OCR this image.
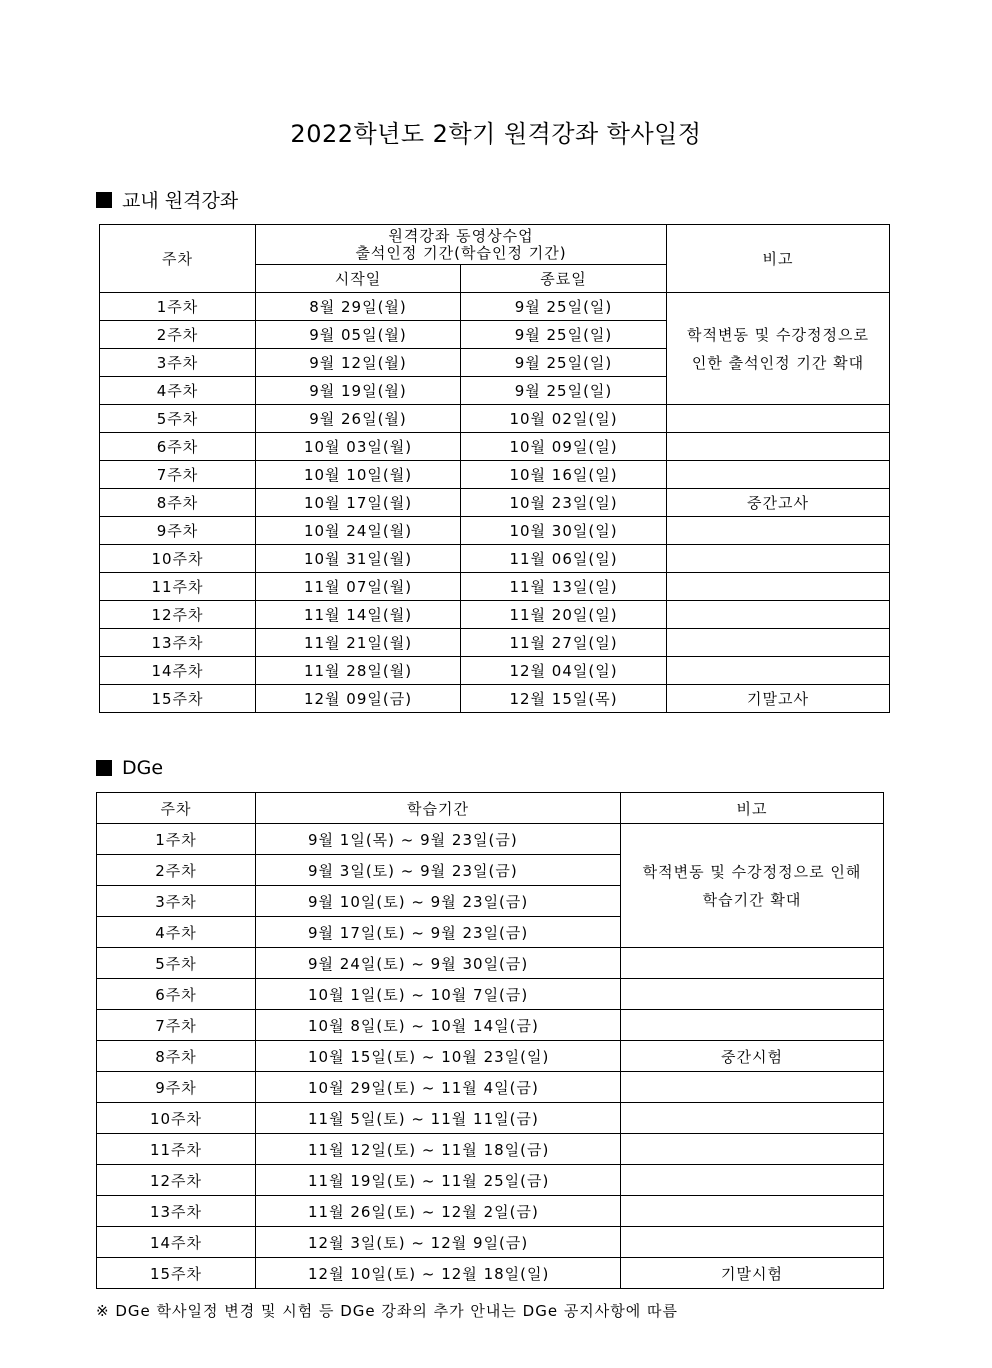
2022학년도 2학기 원격강좌 학사일정
교내 원격강좌
주차	원격강좌 동영상수업
출석인정 기간(학습인정 기간)		비고
	시작일	종료일	
1주차	8월 29일(월)	9월 25일(일)	학적변동 및 수강정정으로
인한 출석인정 기간 확대

2주차	9월 05일(월)	9월 25일(일)	
3주차	9월 12일(월)	9월 25일(일)	
4주차	9월 19일(월)	9월 25일(일)	
5주차	9월 26일(월)	10월 02일(일)	
6주차	10월 03일(월)	10월 09일(일)	
7주차	10월 10일(월)	10월 16일(일)	
8주차	10월 17일(월)	10월 23일(일)	중간고사
9주차	10월 24일(월)	10월 30일(일)	
10주차	10월 31일(월)	11월 06일(일)	
11주차	11월 07일(월)	11월 13일(일)	
12주차	11월 14일(월)	11월 20일(일)	
13주차	11월 21일(월)	11월 27일(일)	
14주차	11월 28일(월)	12월 04일(일)	
15주차	12월 09일(금)	12월 15일(목)	기말고사
DGe
주차	학습기간	비고
1주차	9월 1일(목) ~ 9월 23일(금)	학적변동 및 수강정정으로 인해
학습기간 확대

2주차	9월 3일(토) ~ 9월 23일(금)	
3주차	9월 10일(토) ~ 9월 23일(금)	
4주차	9월 17일(토) ~ 9월 23일(금)	
5주차	9월 24일(토) ~ 9월 30일(금)	
6주차	10월 1일(토) ~ 10월 7일(금)	
7주차	10월 8일(토) ~ 10월 14일(금)	
8주차	10월 15일(토) ~ 10월 23일(일)	중간시험
9주차	10월 29일(토) ~ 11월 4일(금)	
10주차	11월 5일(토) ~ 11월 11일(금)	
11주차	11월 12일(토) ~ 11월 18일(금)	
12주차	11월 19일(토) ~ 11월 25일(금)	
13주차	11월 26일(토) ~ 12월 2일(금)	
14주차	12월 3일(토) ~ 12월 9일(금)	
15주차	12월 10일(토) ~ 12월 18일(일)	기말시험
※ DGe 학사일정 변경 및 시험 등 DGe 강좌의 추가 안내는 DGe 공지사항에 따름
